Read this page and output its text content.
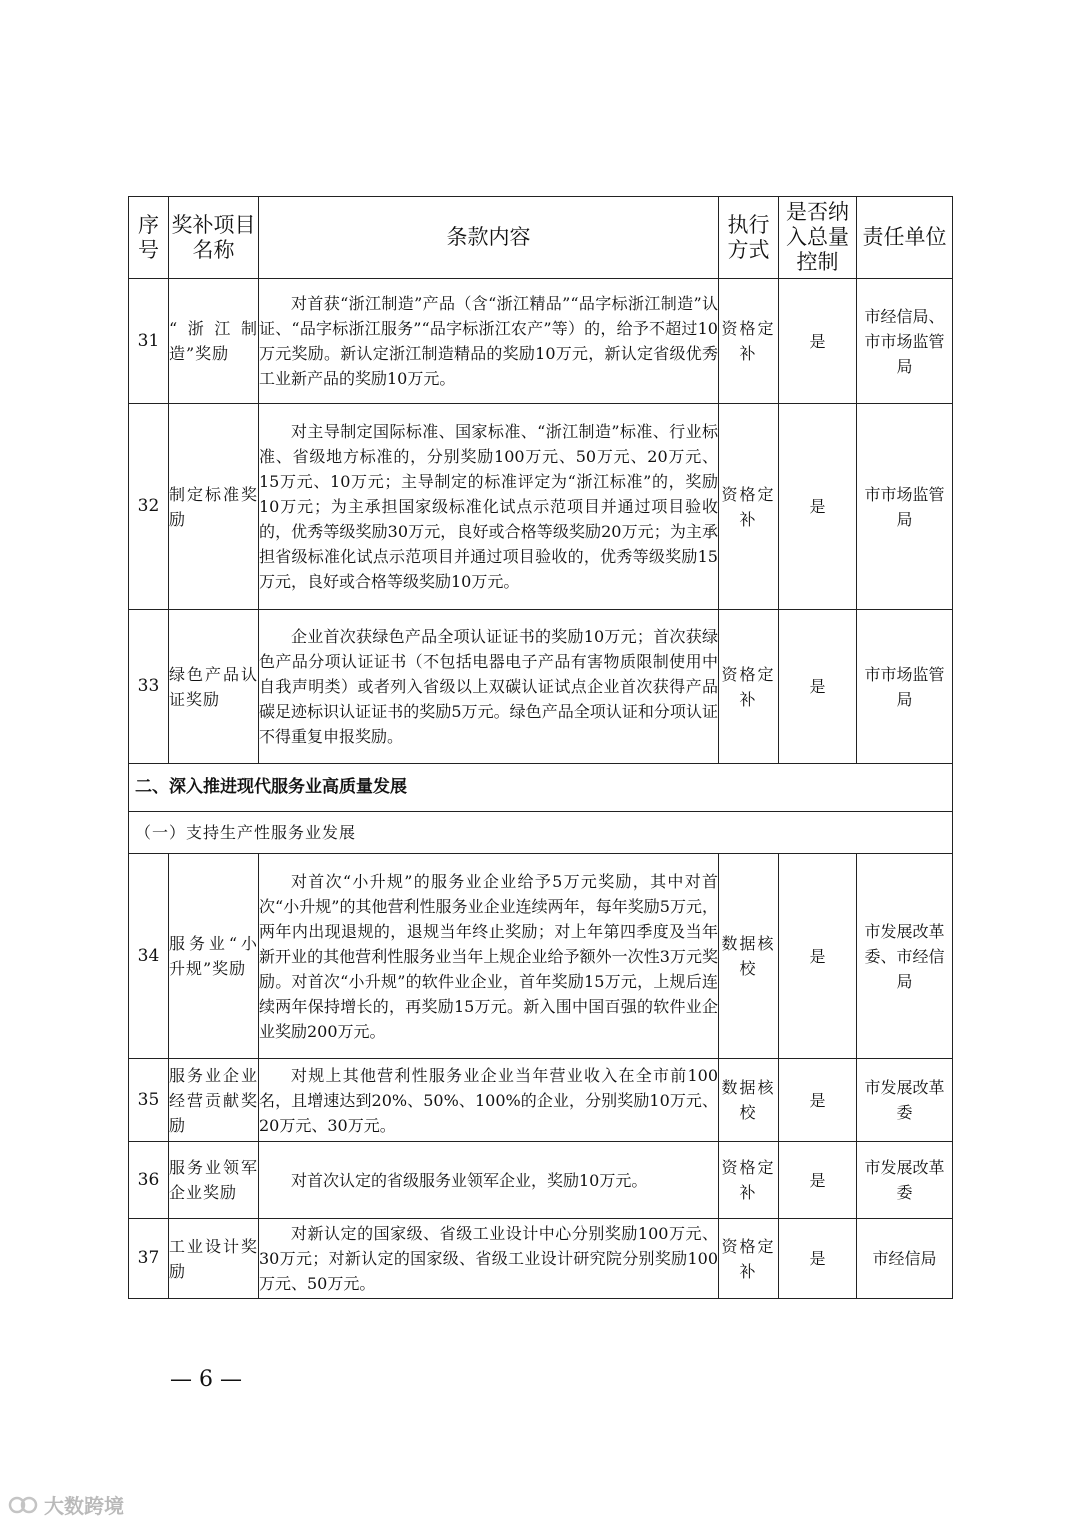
序号	奖补项目名称	条款内容	执行方式	是否纳入总量控制	责任单位
31	“浙江制造”奖励	对首获“浙江制造”产品（含“浙江精品”“品字标浙江制造”认证、“品字标浙江服务”“品字标浙江农产”等）的，给予不超过10万元奖励。新认定浙江制造精品的奖励10万元，新认定省级优秀工业新产品的奖励10万元。	资格定补	是	市经信局、市市场监管局
32	制定标准奖励	对主导制定国际标准、国家标准、“浙江制造”标准、行业标准、省级地方标准的，分别奖励100万元、50万元、20万元、15万元、10万元；主导制定的标准评定为“浙江标准”的，奖励10万元；为主承担国家级标准化试点示范项目并通过项目验收的，优秀等级奖励30万元，良好或合格等级奖励20万元；为主承担省级标准化试点示范项目并通过项目验收的，优秀等级奖励15万元，良好或合格等级奖励10万元。	资格定补	是	市市场监管局
33	绿色产品认证奖励	企业首次获绿色产品全项认证证书的奖励10万元；首次获绿色产品分项认证证书（不包括电器电子产品有害物质限制使用中自我声明类）或者列入省级以上双碳认证试点企业首次获得产品碳足迹标识认证证书的奖励5万元。绿色产品全项认证和分项认证不得重复申报奖励。	资格定补	是	市市场监管局
二、深入推进现代服务业高质量发展					
（一）支持生产性服务业发展					
34	服务业“小升规”奖励	对首次“小升规”的服务业企业给予5万元奖励，其中对首次“小升规”的其他营利性服务业企业连续两年，每年奖励5万元，两年内出现退规的，退规当年终止奖励；对上年第四季度及当年新开业的其他营利性服务业当年上规企业给予额外一次性3万元奖励。对首次“小升规”的软件业企业，首年奖励15万元，上规后连续两年保持增长的，再奖励15万元。新入围中国百强的软件业企业奖励200万元。	数据核校	是	市发展改革委、市经信局
35	服务业企业经营贡献奖励	对规上其他营利性服务业企业当年营业收入在全市前100名，且增速达到20%、50%、100%的企业，分别奖励10万元、20万元、30万元。	数据核校	是	市发展改革委
36	服务业领军企业奖励	对首次认定的省级服务业领军企业，奖励10万元。	资格定补	是	市发展改革委
37	工业设计奖励	对新认定的国家级、省级工业设计中心分别奖励100万元、30万元；对新认定的国家级、省级工业设计研究院分别奖励100万元、50万元。	资格定补	是	市经信局
— 6 —
大数跨境
